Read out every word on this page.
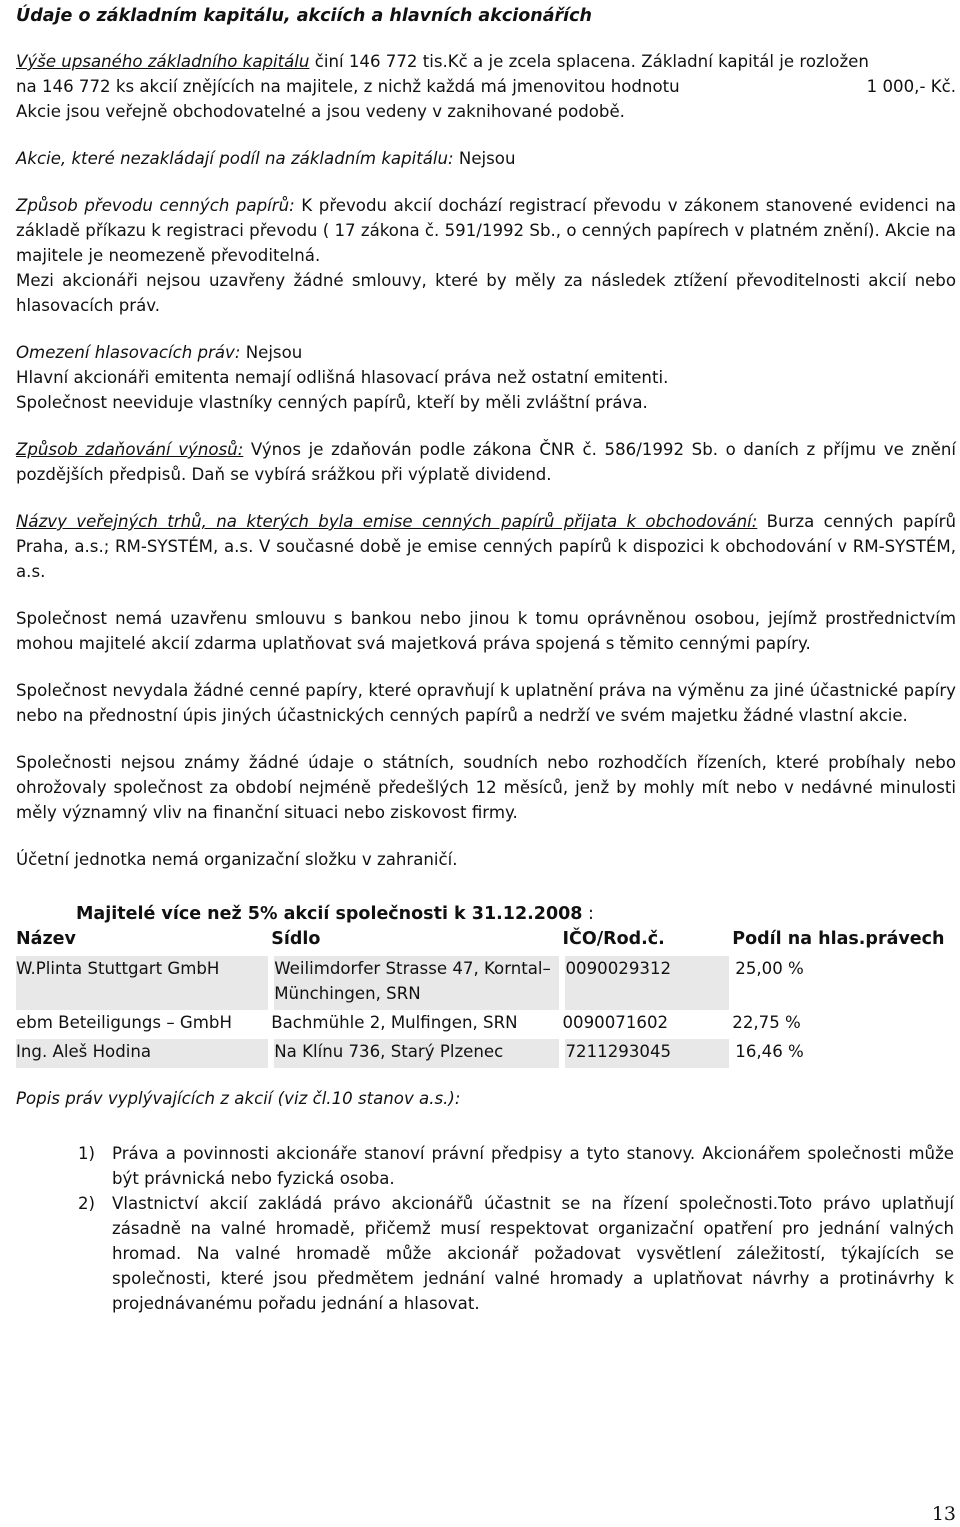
Údaje o základním kapitálu, akciích a hlavních akcionářích

Výše upsaného základního kapitálu činí 146 772 tis.Kč a je zcela splacena. Základní kapitál je rozložen

na 146 772 ks akcií znějících na majitele, z nichž každá má jmenovitou hodnotu	1 000,- Kč.

Akcie jsou veřejně obchodovatelné a jsou vedeny v zaknihované podobě.

Akcie, které nezakládají podíl na základním kapitálu: Nejsou

Způsob převodu cenných papírů: K převodu akcií dochází registrací převodu v zákonem stanovené evidenci na základě příkazu k registraci převodu ( 17 zákona č. 591/1992 Sb., o cenných papírech v platném znění). Akcie na majitele je neomezeně převoditelná.

Mezi akcionáři nejsou uzavřeny žádné smlouvy, které by měly za následek ztížení převoditelnosti akcií nebo hlasovacích práv.

Omezení hlasovacích práv: Nejsou

Hlavní akcionáři emitenta nemají odlišná hlasovací práva než ostatní emitenti.

Společnost neeviduje vlastníky cenných papírů, kteří by měli zvláštní práva.

Způsob zdaňování výnosů: Výnos je zdaňován podle zákona ČNR č. 586/1992 Sb. o daních z příjmu ve znění pozdějších předpisů. Daň se vybírá srážkou při výplatě dividend.

Názvy veřejných trhů, na kterých byla emise cenných papírů přijata k obchodování: Burza cenných papírů Praha, a.s.; RM-SYSTÉM, a.s. V současné době je emise cenných papírů k dispozici k obchodování v RM-SYSTÉM, a.s.

Společnost nemá uzavřenu smlouvu s bankou nebo jinou k tomu oprávněnou osobou, jejímž prostřednictvím mohou majitelé akcií zdarma uplatňovat svá majetková práva spojená s těmito cennými papíry.

Společnost nevydala žádné cenné papíry, které opravňují k uplatnění práva na výměnu za jiné účastnické papíry nebo na přednostní úpis jiných účastnických cenných papírů a nedrží ve svém majetku žádné vlastní akcie.

Společnosti nejsou známy žádné údaje o státních, soudních nebo rozhodčích řízeních, které probíhaly nebo ohrožovaly společnost za období nejméně předešlých 12 měsíců, jenž by mohly mít nebo v nedávné minulosti měly významný vliv na finanční situaci nebo ziskovost firmy.

Účetní jednotka nemá organizační složku v zahraničí.

Majitelé více než 5% akcií společnosti k 31.12.2008 :

Název	Sídlo	IČO/Rod.č.	Podíl na hlas.právech
W.Plinta Stuttgart GmbH	Weilimdorfer Strasse 47, Korntal–Münchingen, SRN	0090029312	25,00 %
ebm Beteiligungs – GmbH	Bachmühle 2, Mulfingen, SRN	0090071602	22,75 %
Ing. Aleš Hodina	Na Klínu 736, Starý Plzenec	7211293045	16,46 %

Popis práv vyplývajících z akcií (viz čl.10 stanov a.s.):

1)	Práva a povinnosti akcionáře stanoví právní předpisy a tyto stanovy. Akcionářem společnosti může být právnická nebo fyzická osoba.
2)	Vlastnictví akcií zakládá právo akcionářů účastnit se na řízení společnosti.Toto právo uplatňují zásadně na valné hromadě, přičemž musí respektovat organizační opatření pro jednání valných hromad. Na valné hromadě může akcionář požadovat vysvětlení záležitostí, týkajících se společnosti, které jsou předmětem jednání valné hromady a uplatňovat návrhy a protinávrhy k projednávanému pořadu jednání a hlasovat.
13
